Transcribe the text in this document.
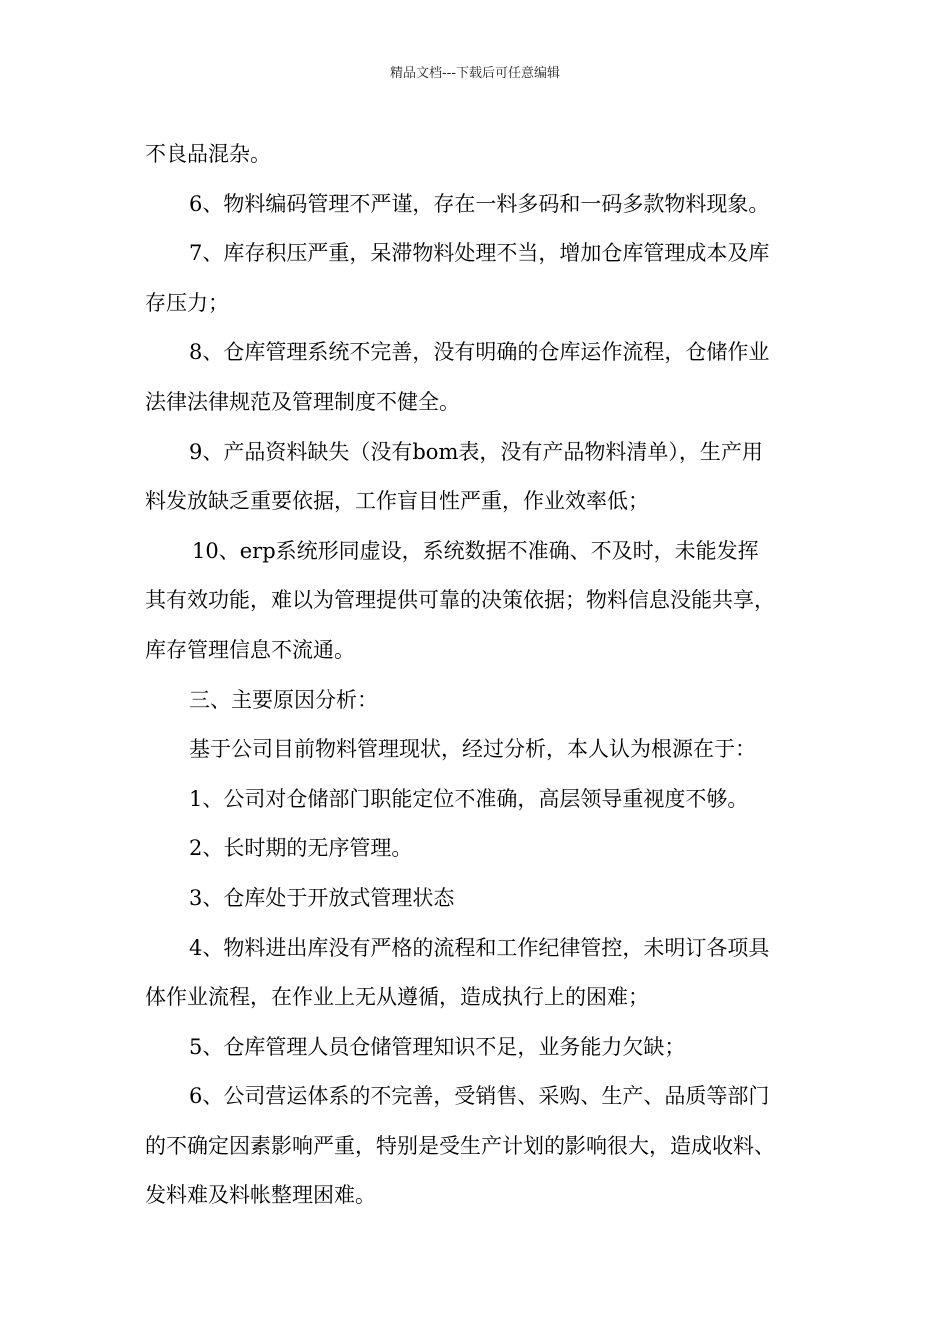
精品文档---下载后可任意编辑
不良品混杂。
6、物料编码管理不严谨，存在一料多码和一码多款物料现象。
7、库存积压严重，呆滞物料处理不当，增加仓库管理成本及库
存压力；
8、仓库管理系统不完善，没有明确的仓库运作流程，仓储作业
法律法律规范及管理制度不健全。
9、产品资料缺失（没有bom表，没有产品物料清单），生产用
料发放缺乏重要依据，工作盲目性严重，作业效率低；
10、erp系统形同虚设，系统数据不准确、不及时，未能发挥
其有效功能，难以为管理提供可靠的决策依据；物料信息没能共享，
库存管理信息不流通。
三、主要原因分析：
基于公司目前物料管理现状，经过分析，本人认为根源在于：
1、公司对仓储部门职能定位不准确，高层领导重视度不够。
2、长时期的无序管理。
3、仓库处于开放式管理状态
4、物料进出库没有严格的流程和工作纪律管控，未明订各项具
体作业流程，在作业上无从遵循，造成执行上的困难；
5、仓库管理人员仓储管理知识不足，业务能力欠缺；
6、公司营运体系的不完善，受销售、采购、生产、品质等部门
的不确定因素影响严重，特别是受生产计划的影响很大，造成收料、
发料难及料帐整理困难。
